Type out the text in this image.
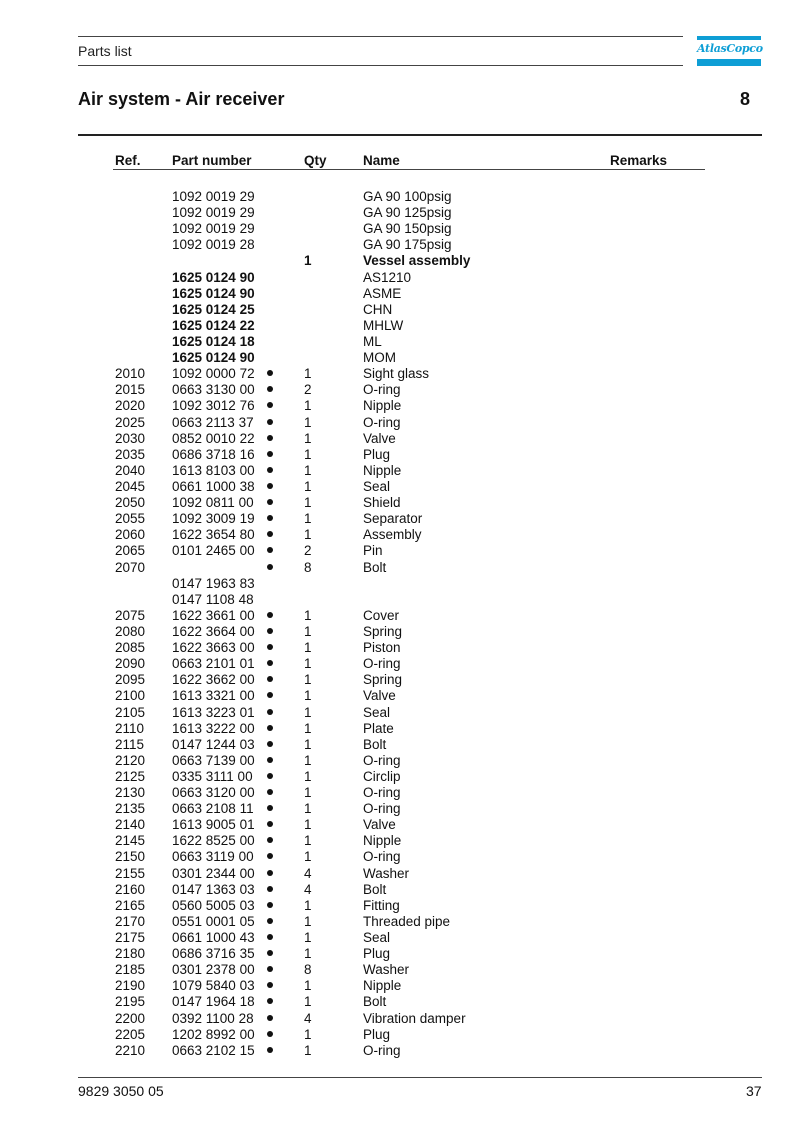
Parts list	AtlasCopco
Air system - Air receiver	8
Ref. Part number	Qty	Name	Remarks
1092 0019 29	GA 90 100psig
1092 0019 29	GA 90 125psig
1092 0019 29	GA 90 150psig
1092 0019 28	GA 90 175psig
1	Vessel assembly
1625 0124 90	AS1210
1625 0124 90	ASME
1625 0124 25	CHN
1625 0124 22	MHLW
1625 0124 18	ML
1625 0124 90	MOM
2010 1092 0000 72	1	Sight glass
2015 0663 3130 00	2	O-ring
2020 1092 3012 76	1	Nipple
2025 0663 2113 37	1	O-ring
2030 0852 0010 22	1	Valve
2035 0686 3718 16	1	Plug
2040 1613 8103 00	1	Nipple
2045 0661 1000 38	1	Seal
2050 1092 0811 00	1	Shield
2055 1092 3009 19	1	Separator
2060 1622 3654 80	1	Assembly
2065 0101 2465 00	2	Pin
2070	8	Bolt
0147 1963 83
0147 1108 48
2075 1622 3661 00	1	Cover
2080 1622 3664 00	1	Spring
2085 1622 3663 00	1	Piston
2090 0663 2101 01	1	O-ring
2095 1622 3662 00	1	Spring
2100 1613 3321 00	1	Valve
2105 1613 3223 01	1	Seal
2110 1613 3222 00	1	Plate
2115 0147 1244 03	1	Bolt
2120 0663 7139 00	1	O-ring
2125 0335 3111 00	1	Circlip
2130 0663 3120 00	1	O-ring
2135 0663 2108 11	1	O-ring
2140 1613 9005 01	1	Valve
2145 1622 8525 00	1	Nipple
2150 0663 3119 00	1	O-ring
2155 0301 2344 00	4	Washer
2160 0147 1363 03	4	Bolt
2165 0560 5005 03	1	Fitting
2170 0551 0001 05	1	Threaded pipe
2175 0661 1000 43	1	Seal
2180 0686 3716 35	1	Plug
2185 0301 2378 00	8	Washer
2190 1079 5840 03	1	Nipple
2195 0147 1964 18	1	Bolt
2200 0392 1100 28	4	Vibration damper
2205 1202 8992 00	1	Plug
2210 0663 2102 15	1	O-ring
9829 3050 05	37
